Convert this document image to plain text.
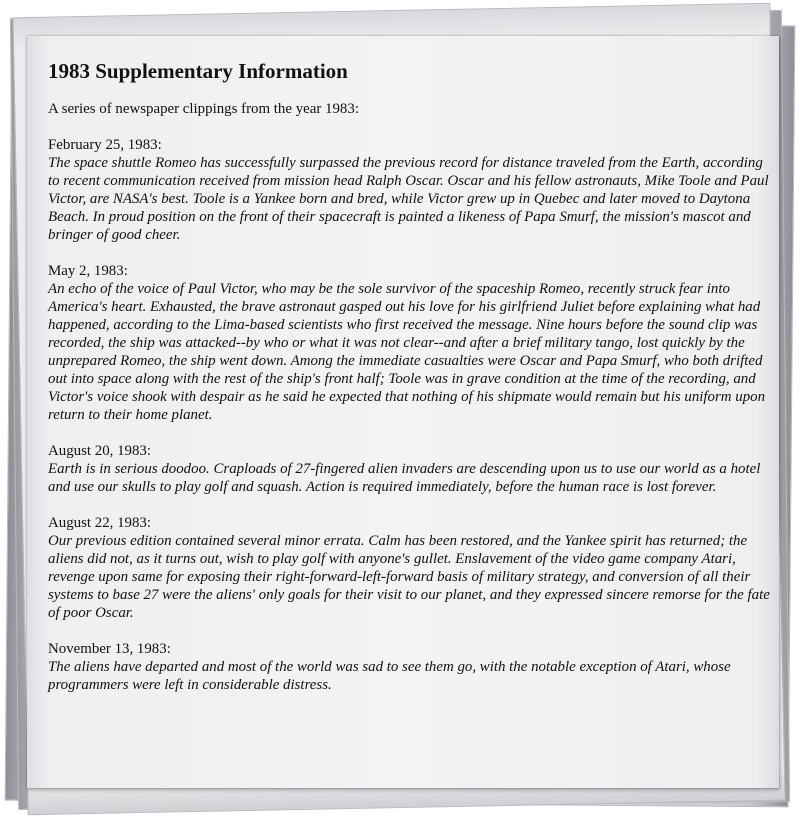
1983 Supplementary Information
A series of newspaper clippings from the year 1983:
February 25, 1983:
The space shuttle Romeo has successfully surpassed the previous record for distance traveled from the Earth, according to recent communication received from mission head Ralph Oscar. Oscar and his fellow astronauts, Mike Toole and Paul Victor, are NASA's best. Toole is a Yankee born and bred, while Victor grew up in Quebec and later moved to Daytona Beach. In proud position on the front of their spacecraft is painted a likeness of Papa Smurf, the mission's mascot and bringer of good cheer.
May 2, 1983:
An echo of the voice of Paul Victor, who may be the sole survivor of the spaceship Romeo, recently struck fear into America's heart. Exhausted, the brave astronaut gasped out his love for his girlfriend Juliet before explaining what had happened, according to the Lima-based scientists who first received the message. Nine hours before the sound clip was recorded, the ship was attacked--by who or what it was not clear--and after a brief military tango, lost quickly by the unprepared Romeo, the ship went down. Among the immediate casualties were Oscar and Papa Smurf, who both drifted out into space along with the rest of the ship's front half; Toole was in grave condition at the time of the recording, and Victor's voice shook with despair as he said he expected that nothing of his shipmate would remain but his uniform upon return to their home planet.
August 20, 1983:
Earth is in serious doodoo. Craploads of 27-fingered alien invaders are descending upon us to use our world as a hotel and use our skulls to play golf and squash. Action is required immediately, before the human race is lost forever.
August 22, 1983:
Our previous edition contained several minor errata. Calm has been restored, and the Yankee spirit has returned; the aliens did not, as it turns out, wish to play golf with anyone's gullet. Enslavement of the video game company Atari, revenge upon same for exposing their right-forward-left-forward basis of military strategy, and conversion of all their systems to base 27 were the aliens' only goals for their visit to our planet, and they expressed sincere remorse for the fate of poor Oscar.
November 13, 1983:
The aliens have departed and most of the world was sad to see them go, with the notable exception of Atari, whose programmers were left in considerable distress.
